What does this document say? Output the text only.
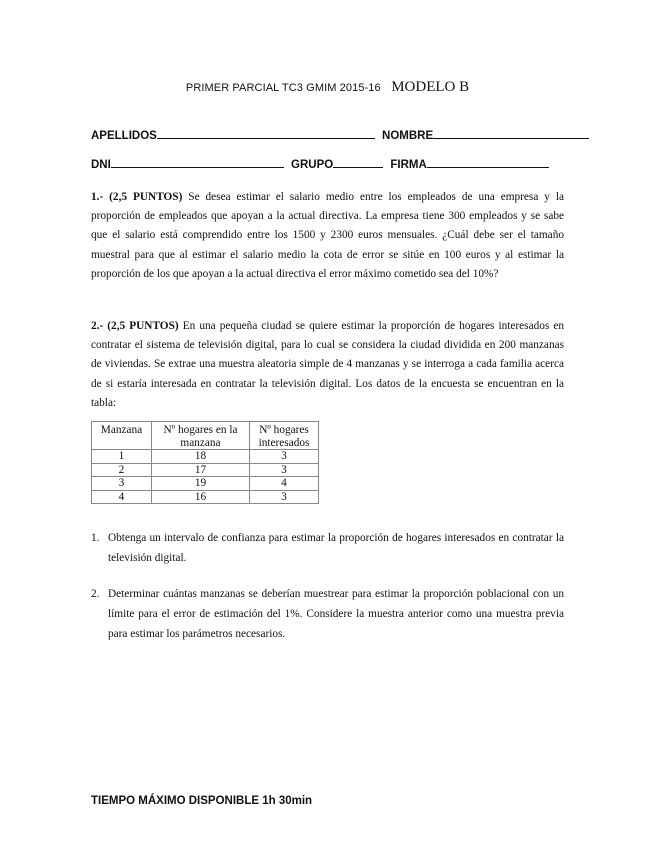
PRIMER PARCIAL TC3 GMIM 2015-16 MODELO B
APELLIDOS	NOMBRE
DNI	GRUPO	FIRMA
1.- (2,5 PUNTOS) Se desea estimar el salario medio entre los empleados de una empresa y la proporción de empleados que apoyan a la actual directiva. La empresa tiene 300 empleados y se sabe que el salario está comprendido entre los 1500 y 2300 euros mensuales. ¿Cuál debe ser el tamaño muestral para que al estimar el salario medio la cota de error se sitúe en 100 euros y al estimar la proporción de los que apoyan a la actual directiva el error máximo cometido sea del 10%?
2.- (2,5 PUNTOS) En una pequeña ciudad se quiere estimar la proporción de hogares interesados en contratar el sistema de televisión digital, para lo cual se considera la ciudad dividida en 200 manzanas de viviendas. Se extrae una muestra aleatoria simple de 4 manzanas y se interroga a cada familia acerca de si estaría interesada en contratar la televisión digital. Los datos de la encuesta se encuentran en la tabla:
Manzana	Nº hogares en la manzana	Nº hogares interesados
1	18	3
2	17	3
3	19	4
4	16	3
1. Obtenga un intervalo de confianza para estimar la proporción de hogares interesados en contratar la televisión digital.
2. Determinar cuántas manzanas se deberían muestrear para estimar la proporción poblacional con un límite para el error de estimación del 1%. Considere la muestra anterior como una muestra previa para estimar los parámetros necesarios.
TIEMPO MÁXIMO DISPONIBLE 1h 30min
